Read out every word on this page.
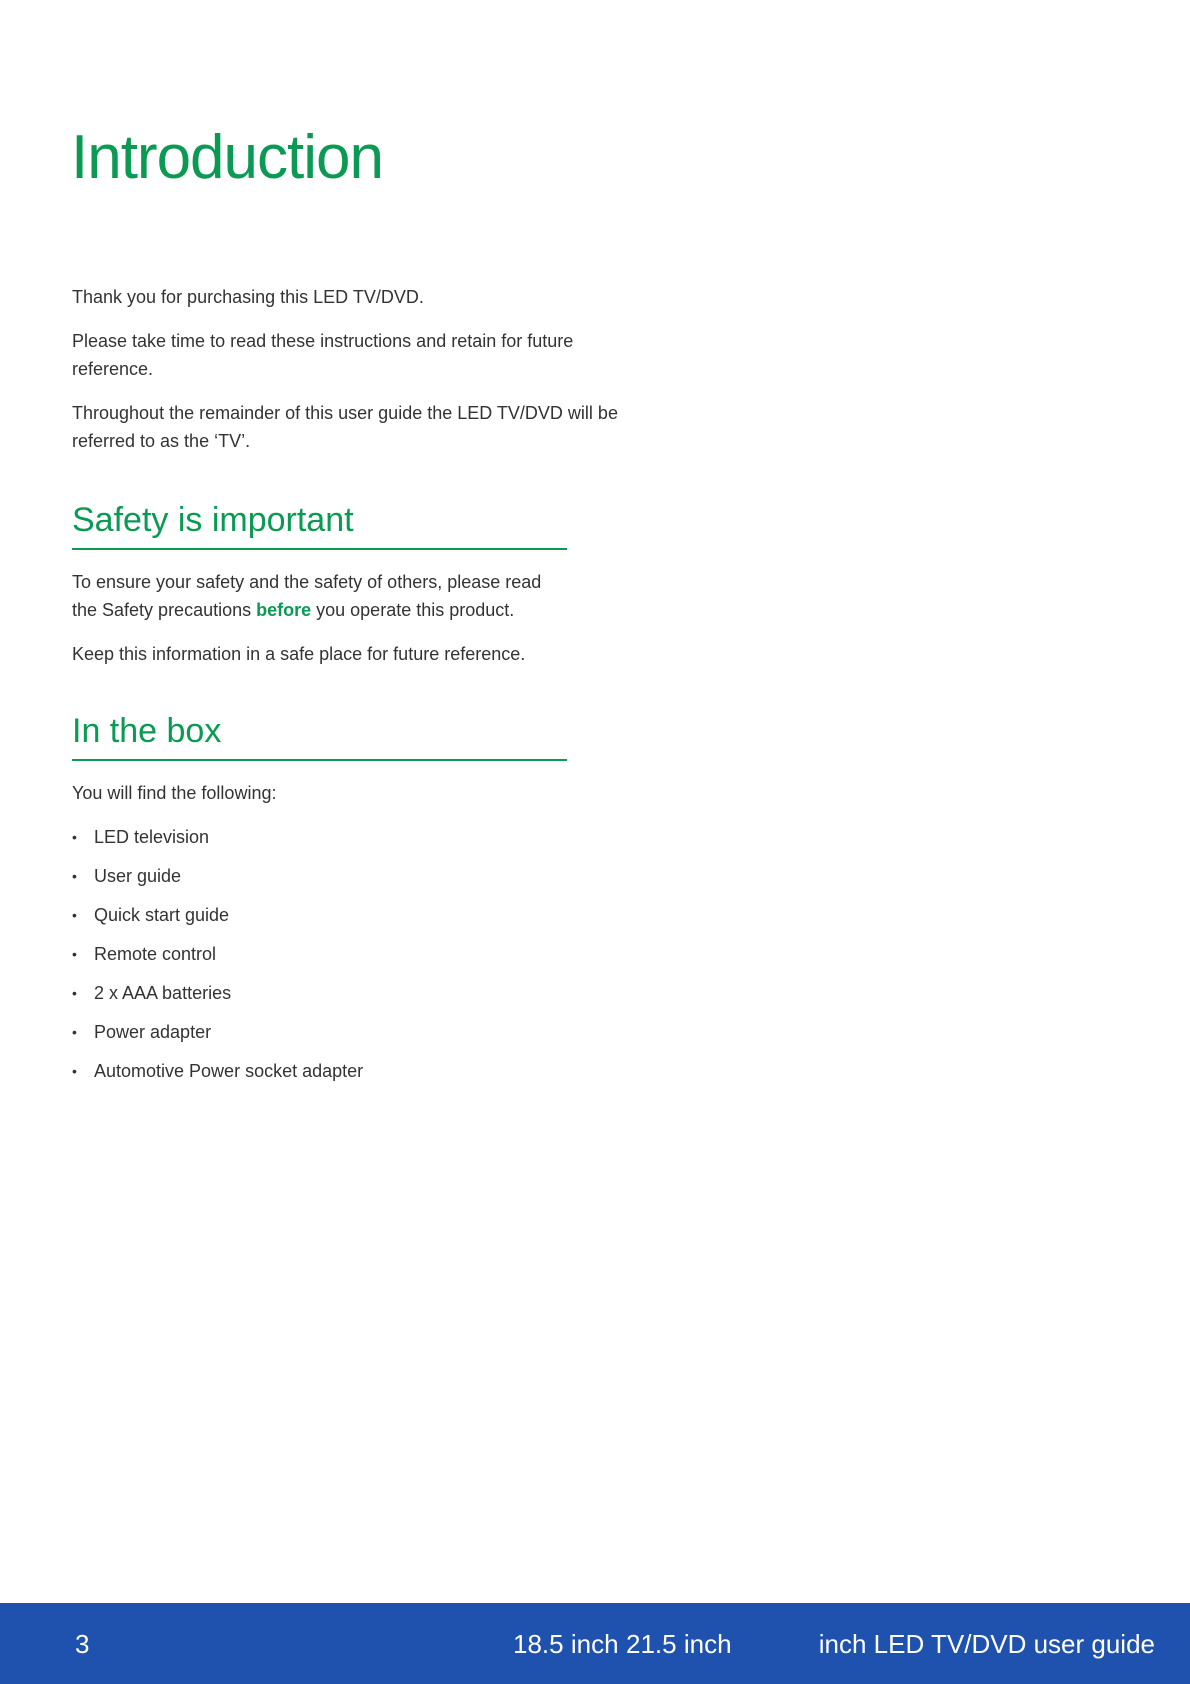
Introduction

Thank you for purchasing this LED TV/DVD.

Please take time to read these instructions and retain for future reference.

Throughout the remainder of this user guide the LED TV/DVD will be referred to as the ‘TV’.

Safety is important

To ensure your safety and the safety of others, please read the Safety precautions before you operate this product.

Keep this information in a safe place for future reference.

In the box

You will find the following:

• LED television
• User guide
• Quick start guide
• Remote control
• 2 x AAA batteries
• Power adapter
• Automotive Power socket adapter
3	18.5 inch 21.5 inch	inch LED TV/DVD user guide
